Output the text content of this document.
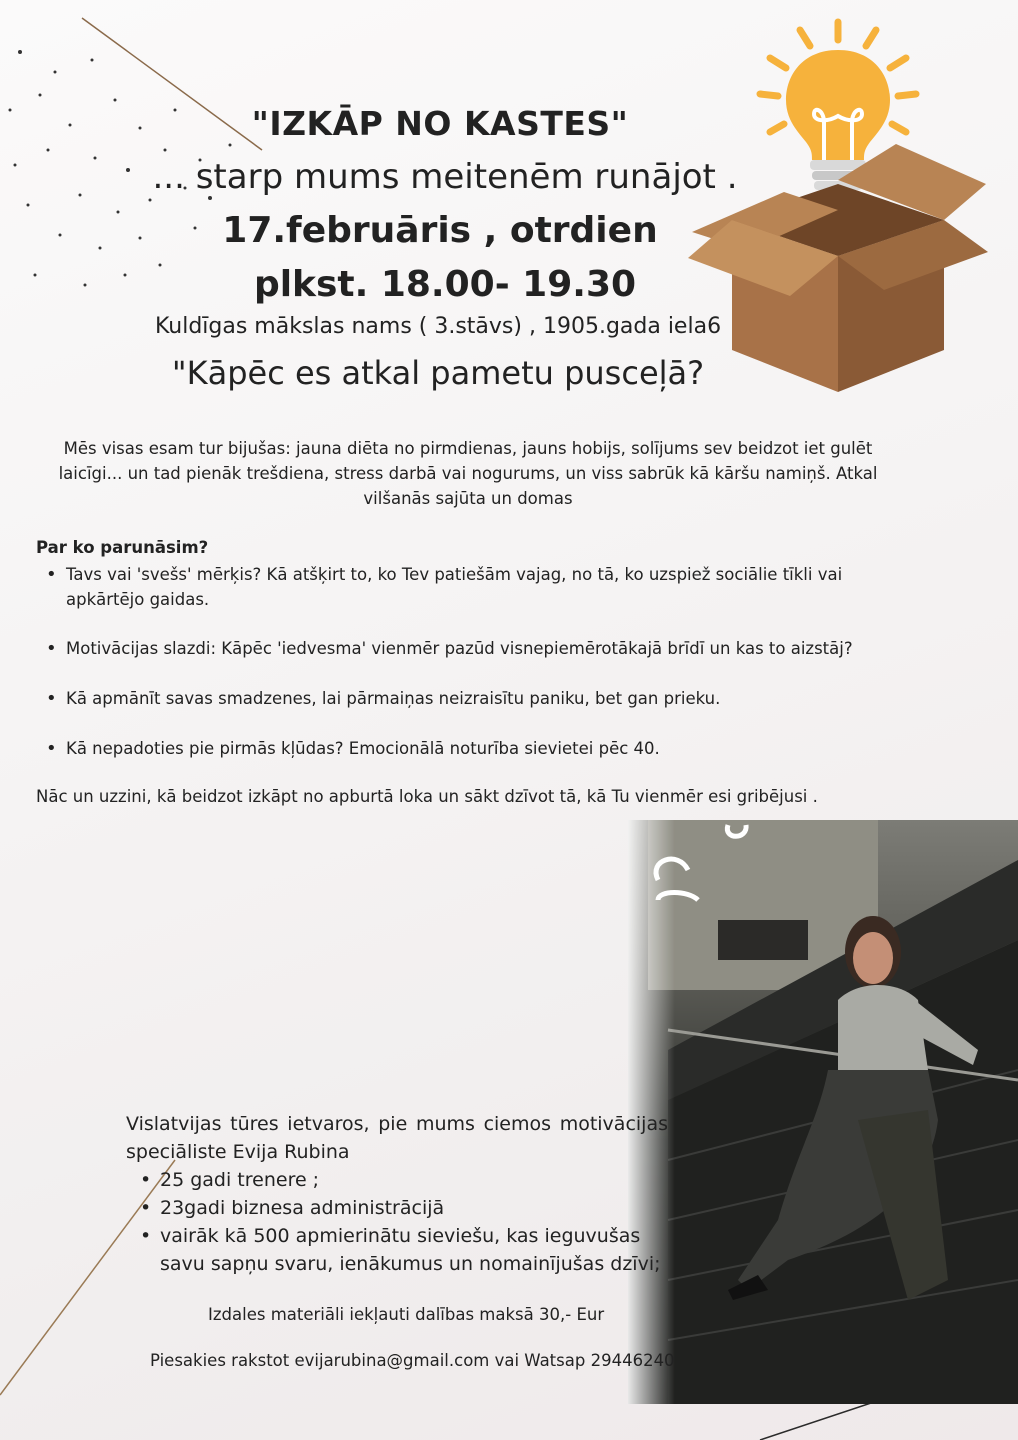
"IZKĀP NO KASTES"
... starp mums meitenēm runājot .
17.februāris , otrdien
plkst. 18.00- 19.30
Kuldīgas mākslas nams ( 3.stāvs) , 1905.gada iela6
"Kāpēc es atkal pametu pusceļā?
Mēs visas esam tur bijušas: jauna diēta no pirmdienas, jauns hobijs, solījums sev beidzot iet gulēt laicīgi... un tad pienāk trešdiena, stress darbā vai nogurums, un viss sabrūk kā kāršu namiņš. Atkal vilšanās sajūta un domas
Par ko parunāsim?
• Tavs vai 'svešs' mērķis? Kā atšķirt to, ko Tev patiešām vajag, no tā, ko uzspiež sociālie tīkli vai apkārtējo gaidas.
• Motivācijas slazdi: Kāpēc 'iedvesma' vienmēr pazūd visnepiemērotākajā brīdī un kas to aizstāj?
• Kā apmānīt savas smadzenes, lai pārmaiņas neizraisītu paniku, bet gan prieku.
• Kā nepadoties pie pirmās kļūdas? Emocionālā noturība sievietei pēc 40.
Nāc un uzzini, kā beidzot izkāpt no apburtā loka un sākt dzīvot tā, kā Tu vienmēr esi gribējusi .
Vislatvijas tūres ietvaros, pie mums ciemos motivācijas speciāliste Evija Rubina
• 25 gadi trenere ;
• 23gadi biznesa administrācijā
• vairāk kā 500 apmierinātu sieviešu, kas ieguvušas savu sapņu svaru, ienākumus un nomainījušas dzīvi;
Izdales materiāli iekļauti dalības maksā 30,- Eur
Piesakies rakstot evijarubina@gmail.com vai Watsap 29446240
